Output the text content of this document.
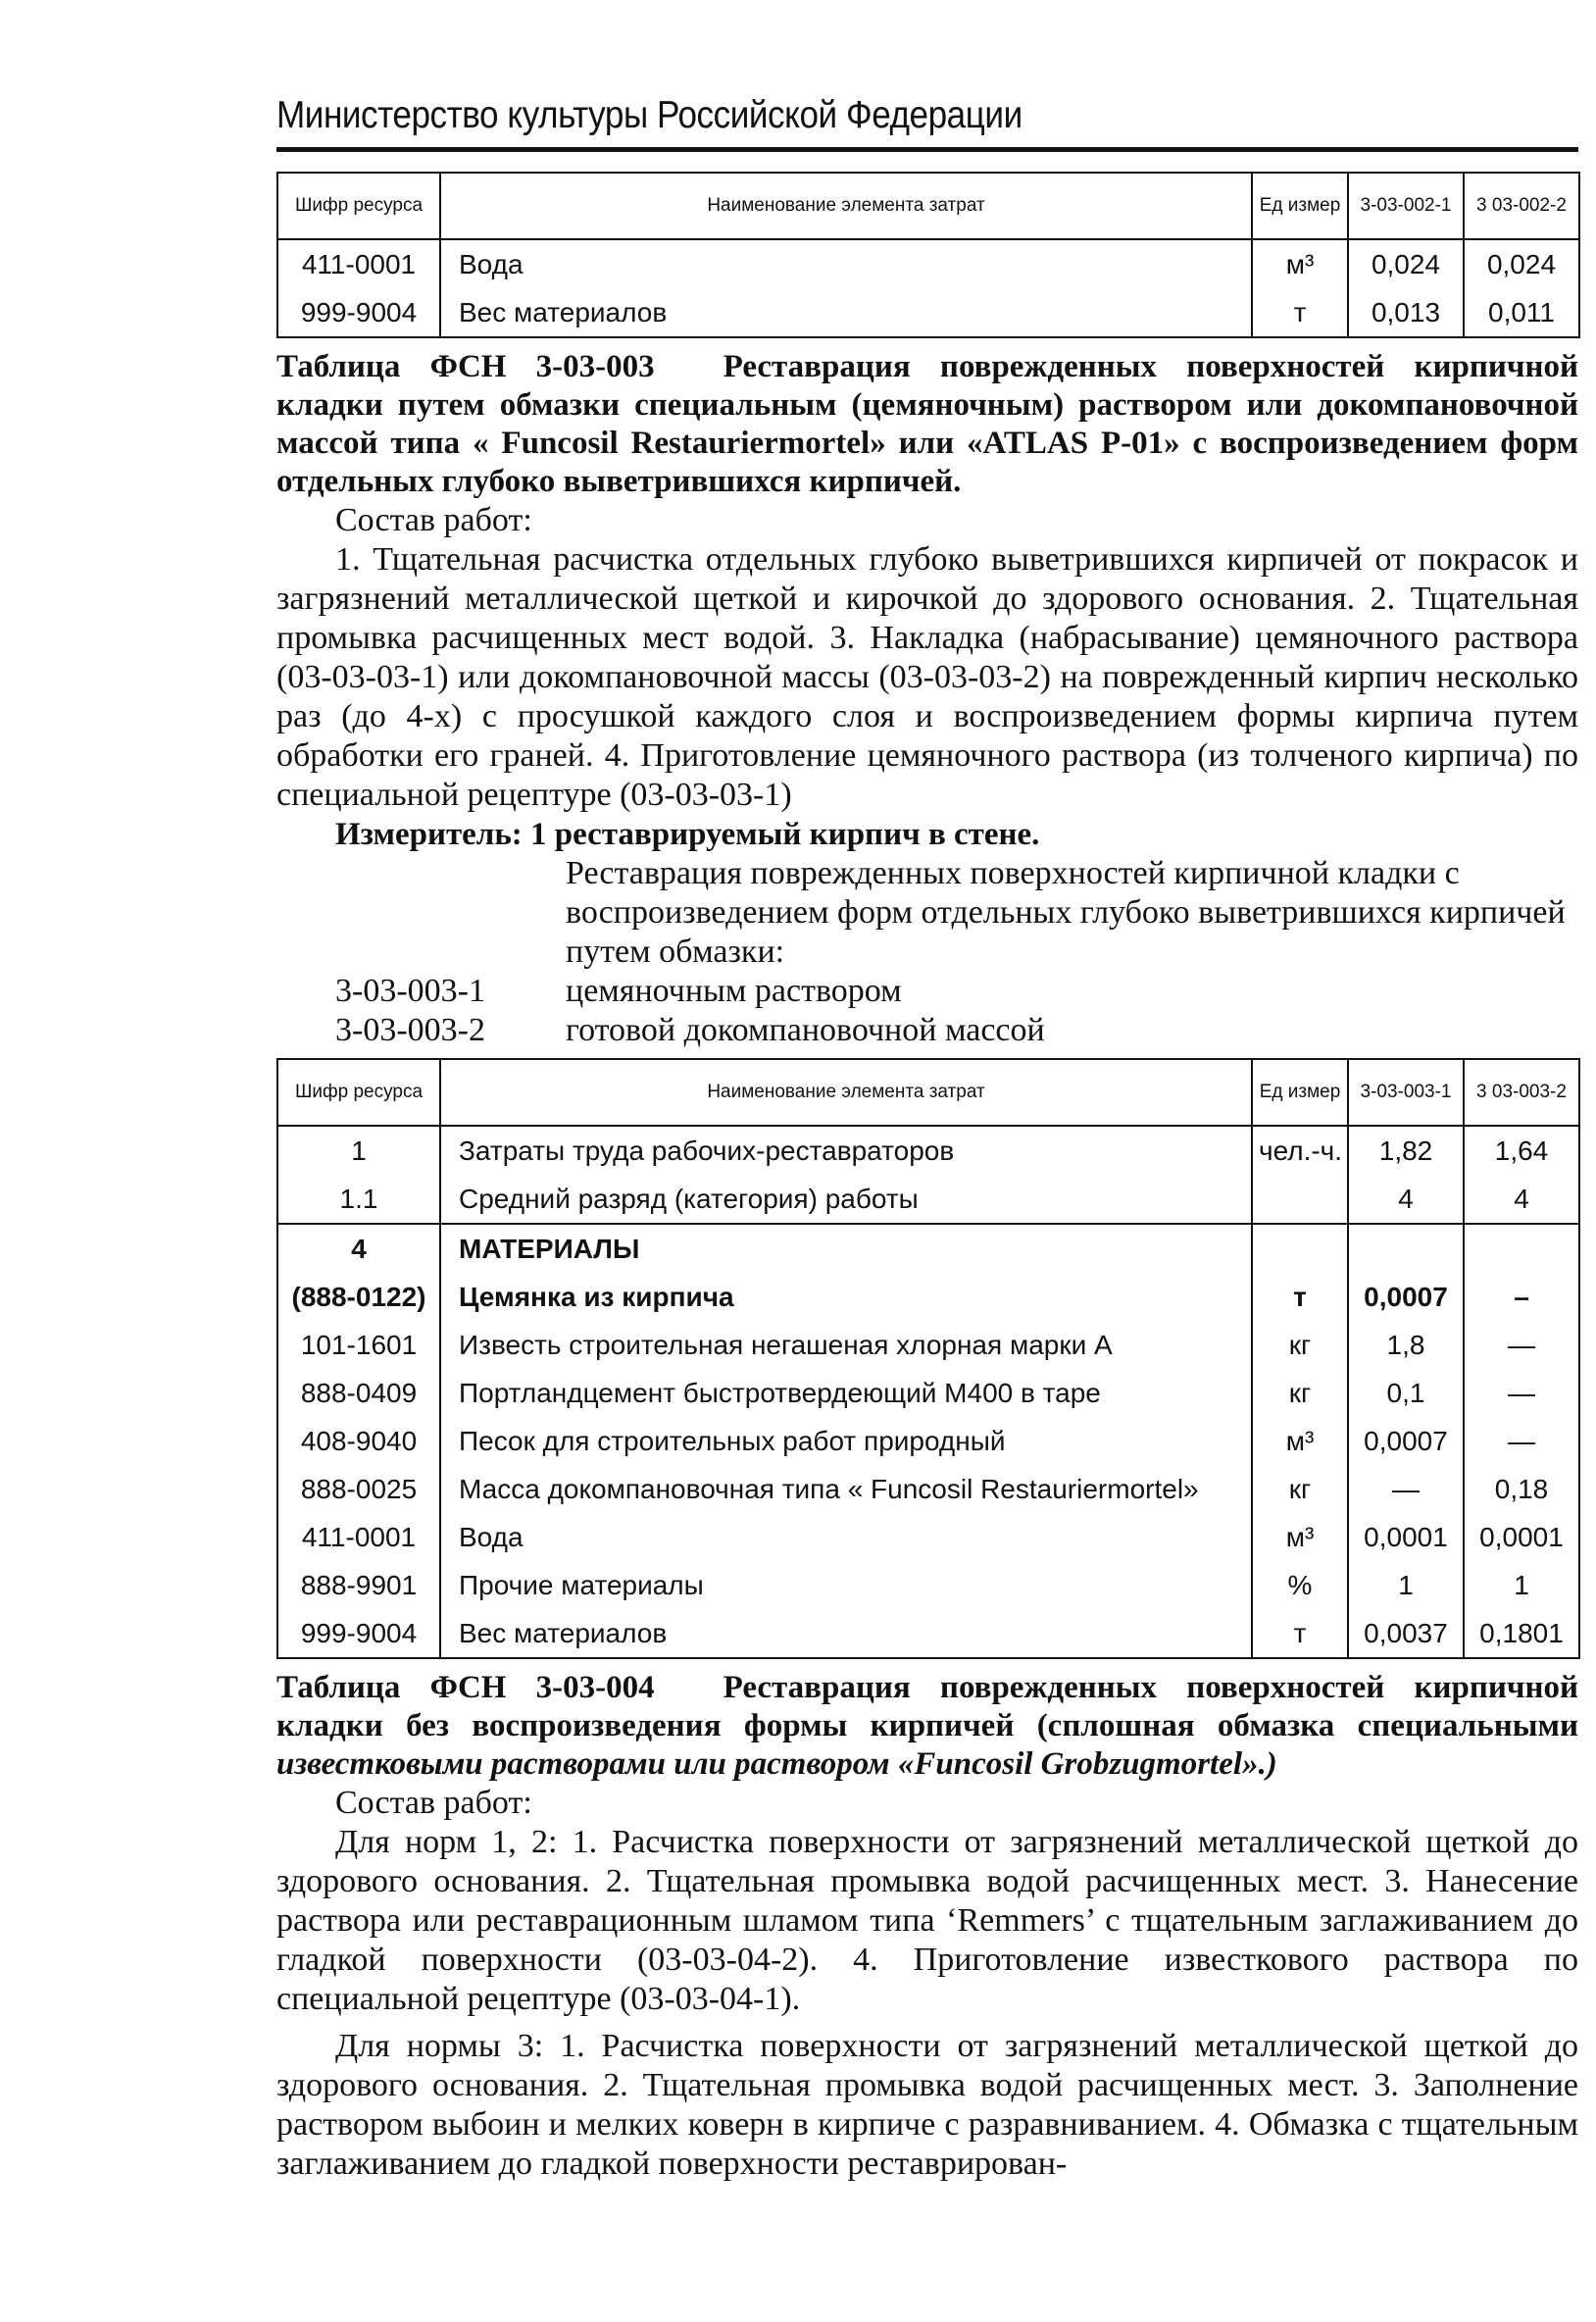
Министерство культуры Российской Федерации
Шифр ресурса	Наименование элемента затрат	Ед измер	3-03-002-1	3 03-002-2
411-0001	Вода	м³	0,024	0,024
999-9004	Вес материалов	т	0,013	0,011
Таблица ФСН 3-03-003 Реставрация поврежденных поверхностей кирпичной кладки путем обмазки специальным (цемяночным) раствором или докомпановочной массой типа « Funcosil Restauriermortel» или «ATLAS Р-01» с воспроизведением форм отдельных глубоко выветрившихся кирпичей.
Состав работ:
1. Тщательная расчистка отдельных глубоко выветрившихся кирпичей от покрасок и загрязнений металлической щеткой и кирочкой до здорового основания. 2. Тщательная промывка расчищенных мест водой. 3. Накладка (набрасывание) цемяночного раствора (03-03-03-1) или докомпановочной массы (03-03-03-2) на поврежденный кирпич несколько раз (до 4-х) с просушкой каждого слоя и воспроизведением формы кирпича путем обработки его граней. 4. Приготовление цемяночного раствора (из толченого кирпича) по специальной рецептуре (03-03-03-1)
Измеритель: 1 реставрируемый кирпич в стене.
Реставрация поврежденных поверхностей кирпичной кладки с воспроизведением форм отдельных глубоко выветрившихся кирпичей путем обмазки:
3-03-003-1	цемяночным раствором
3-03-003-2	готовой докомпановочной массой
Шифр ресурса	Наименование элемента затрат	Ед измер	3-03-003-1	3 03-003-2
1	Затраты труда рабочих-реставраторов	чел.-ч.	1,82	1,64
1.1	Средний разряд (категория) работы		4	4
4	МАТЕРИАЛЫ			
(888-0122)	Цемянка из кирпича	т	0,0007	–
101-1601	Известь строительная негашеная хлорная марки А	кг	1,8	—
888-0409	Портландцемент быстротвердеющий М400 в таре	кг	0,1	—
408-9040	Песок для строительных работ природный	м³	0,0007	—
888-0025	Масса докомпановочная типа « Funcosil Restauriermortel»	кг	—	0,18
411-0001	Вода	м³	0,0001	0,0001
888-9901	Прочие материалы	%	1	1
999-9004	Вес материалов	т	0,0037	0,1801
Таблица ФСН 3-03-004 Реставрация поврежденных поверхностей кирпичной кладки без воспроизведения формы кирпичей (сплошная обмазка специальными известковыми растворами или раствором «Funcosil Grobzugmortel».)
Состав работ:
Для норм 1, 2: 1. Расчистка поверхности от загрязнений металлической щеткой до здорового основания. 2. Тщательная промывка водой расчищенных мест. 3. Нанесение раствора или реставрационным шламом типа ‘Remmers’ с тщательным заглаживанием до гладкой поверхности (03-03-04-2). 4. Приготовление известкового раствора по специальной рецептуре (03-03-04-1).
Для нормы 3: 1. Расчистка поверхности от загрязнений металлической щеткой до здорового основания. 2. Тщательная промывка водой расчищенных мест. 3. Заполнение раствором выбоин и мелких коверн в кирпиче с разравниванием. 4. Обмазка с тщательным заглаживанием до гладкой поверхности реставрирован-
